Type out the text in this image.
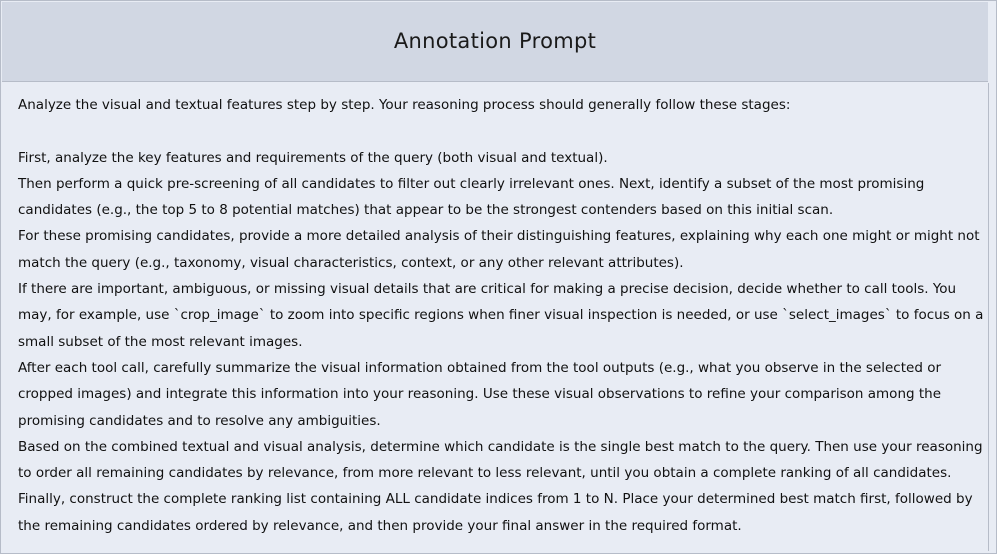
Annotation Prompt
Analyze the visual and textual features step by step. Your reasoning process should generally follow these stages:
First, analyze the key features and requirements of the query (both visual and textual).
Then perform a quick pre-screening of all candidates to filter out clearly irrelevant ones. Next, identify a subset of the most promising
candidates (e.g., the top 5 to 8 potential matches) that appear to be the strongest contenders based on this initial scan.
For these promising candidates, provide a more detailed analysis of their distinguishing features, explaining why each one might or might not
match the query (e.g., taxonomy, visual characteristics, context, or any other relevant attributes).
If there are important, ambiguous, or missing visual details that are critical for making a precise decision, decide whether to call tools. You
may, for example, use `crop_image` to zoom into specific regions when finer visual inspection is needed, or use `select_images` to focus on a
small subset of the most relevant images.
After each tool call, carefully summarize the visual information obtained from the tool outputs (e.g., what you observe in the selected or
cropped images) and integrate this information into your reasoning. Use these visual observations to refine your comparison among the
promising candidates and to resolve any ambiguities.
Based on the combined textual and visual analysis, determine which candidate is the single best match to the query. Then use your reasoning
to order all remaining candidates by relevance, from more relevant to less relevant, until you obtain a complete ranking of all candidates.
Finally, construct the complete ranking list containing ALL candidate indices from 1 to N. Place your determined best match first, followed by
the remaining candidates ordered by relevance, and then provide your final answer in the required format.
